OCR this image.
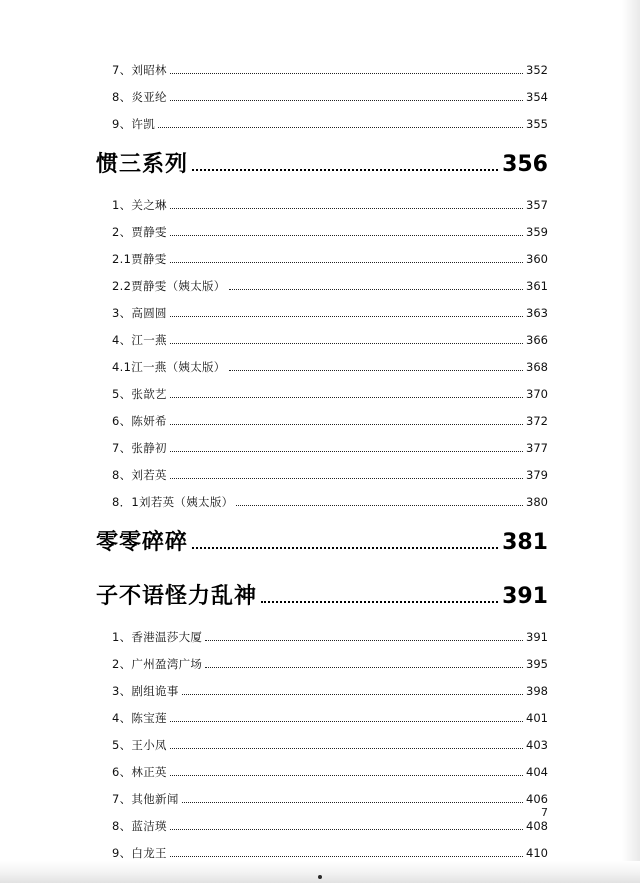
7、刘昭林	352
8、炎亚纶	354
9、许凯	355
惯三系列	356
1、关之琳	357
2、贾静雯	359
2.1贾静雯	360
2.2贾静雯（姨太版）	361
3、高圆圆	363
4、江一燕	366
4.1江一燕（姨太版）	368
5、张歆艺	370
6、陈妍希	372
7、张静初	377
8、刘若英	379
8．1刘若英（姨太版）	380
零零碎碎	381
子不语怪力乱神	391
1、香港温莎大厦	391
2、广州盈湾广场	395
3、剧组诡事	398
4、陈宝莲	401
5、王小凤	403
6、林正英	404
7、其他新闻	406
8、蓝洁瑛	408
9、白龙王	410
7
